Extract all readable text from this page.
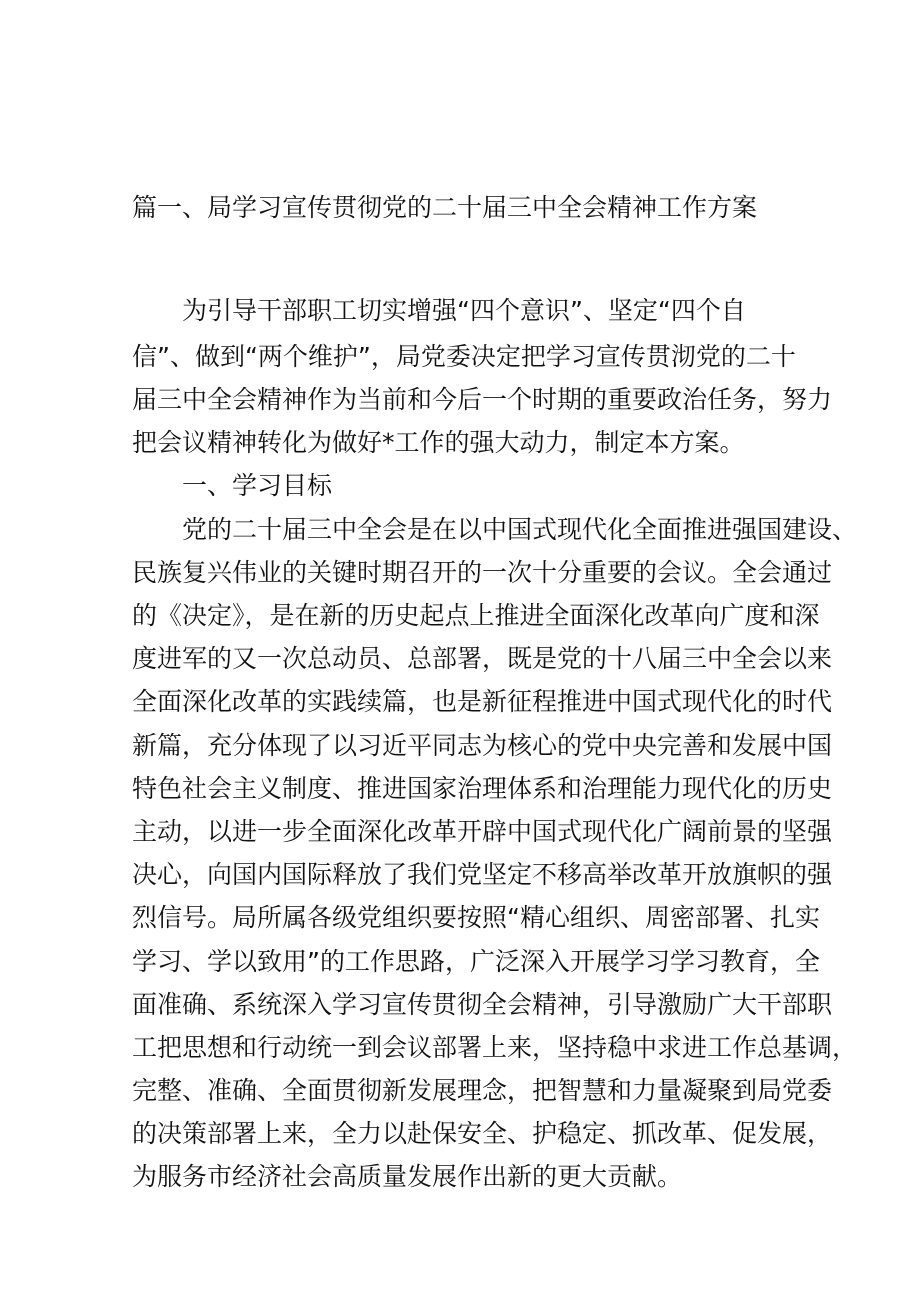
篇一、局学习宣传贯彻党的二十届三中全会精神工作方案
为引导干部职工切实增强“四个意识”、坚定“四个自
信”、做到“两个维护”，局党委决定把学习宣传贯沏党的二十
届三中全会精神作为当前和今后一个时期的重要政治任务，努力
把会议精神转化为做好*工作的强大动力，制定本方案。
一、学习目标
党的二十届三中全会是在以中国式现代化全面推进强国建设、
民族复兴伟业的关键时期召开的一次十分重要的会议。全会通过
的《决定》，是在新的历史起点上推进全面深化改革向广度和深
度进军的又一次总动员、总部署，既是党的十八届三中全会以来
全面深化改革的实践续篇，也是新征程推进中国式现代化的时代
新篇，充分体现了以习近平同志为核心的党中央完善和发展中国
特色社会主义制度、推进国家治理体系和治理能力现代化的历史
主动，以进一步全面深化改革开辟中国式现代化广阔前景的坚强
决心，向国内国际释放了我们党坚定不移高举改革开放旗帜的强
烈信号。局所属各级党组织要按照“精心组织、周密部署、扎实
学习、学以致用”的工作思路，广泛深入开展学习学习教育，全
面准确、系统深入学习宣传贯彻全会精神，引导激励广大干部职
工把思想和行动统一到会议部署上来，坚持稳中求进工作总基调，
完整、准确、全面贯彻新发展理念，把智慧和力量凝聚到局党委
的决策部署上来，全力以赴保安全、护稳定、抓改革、促发展，
为服务市经济社会高质量发展作出新的更大贡献。
